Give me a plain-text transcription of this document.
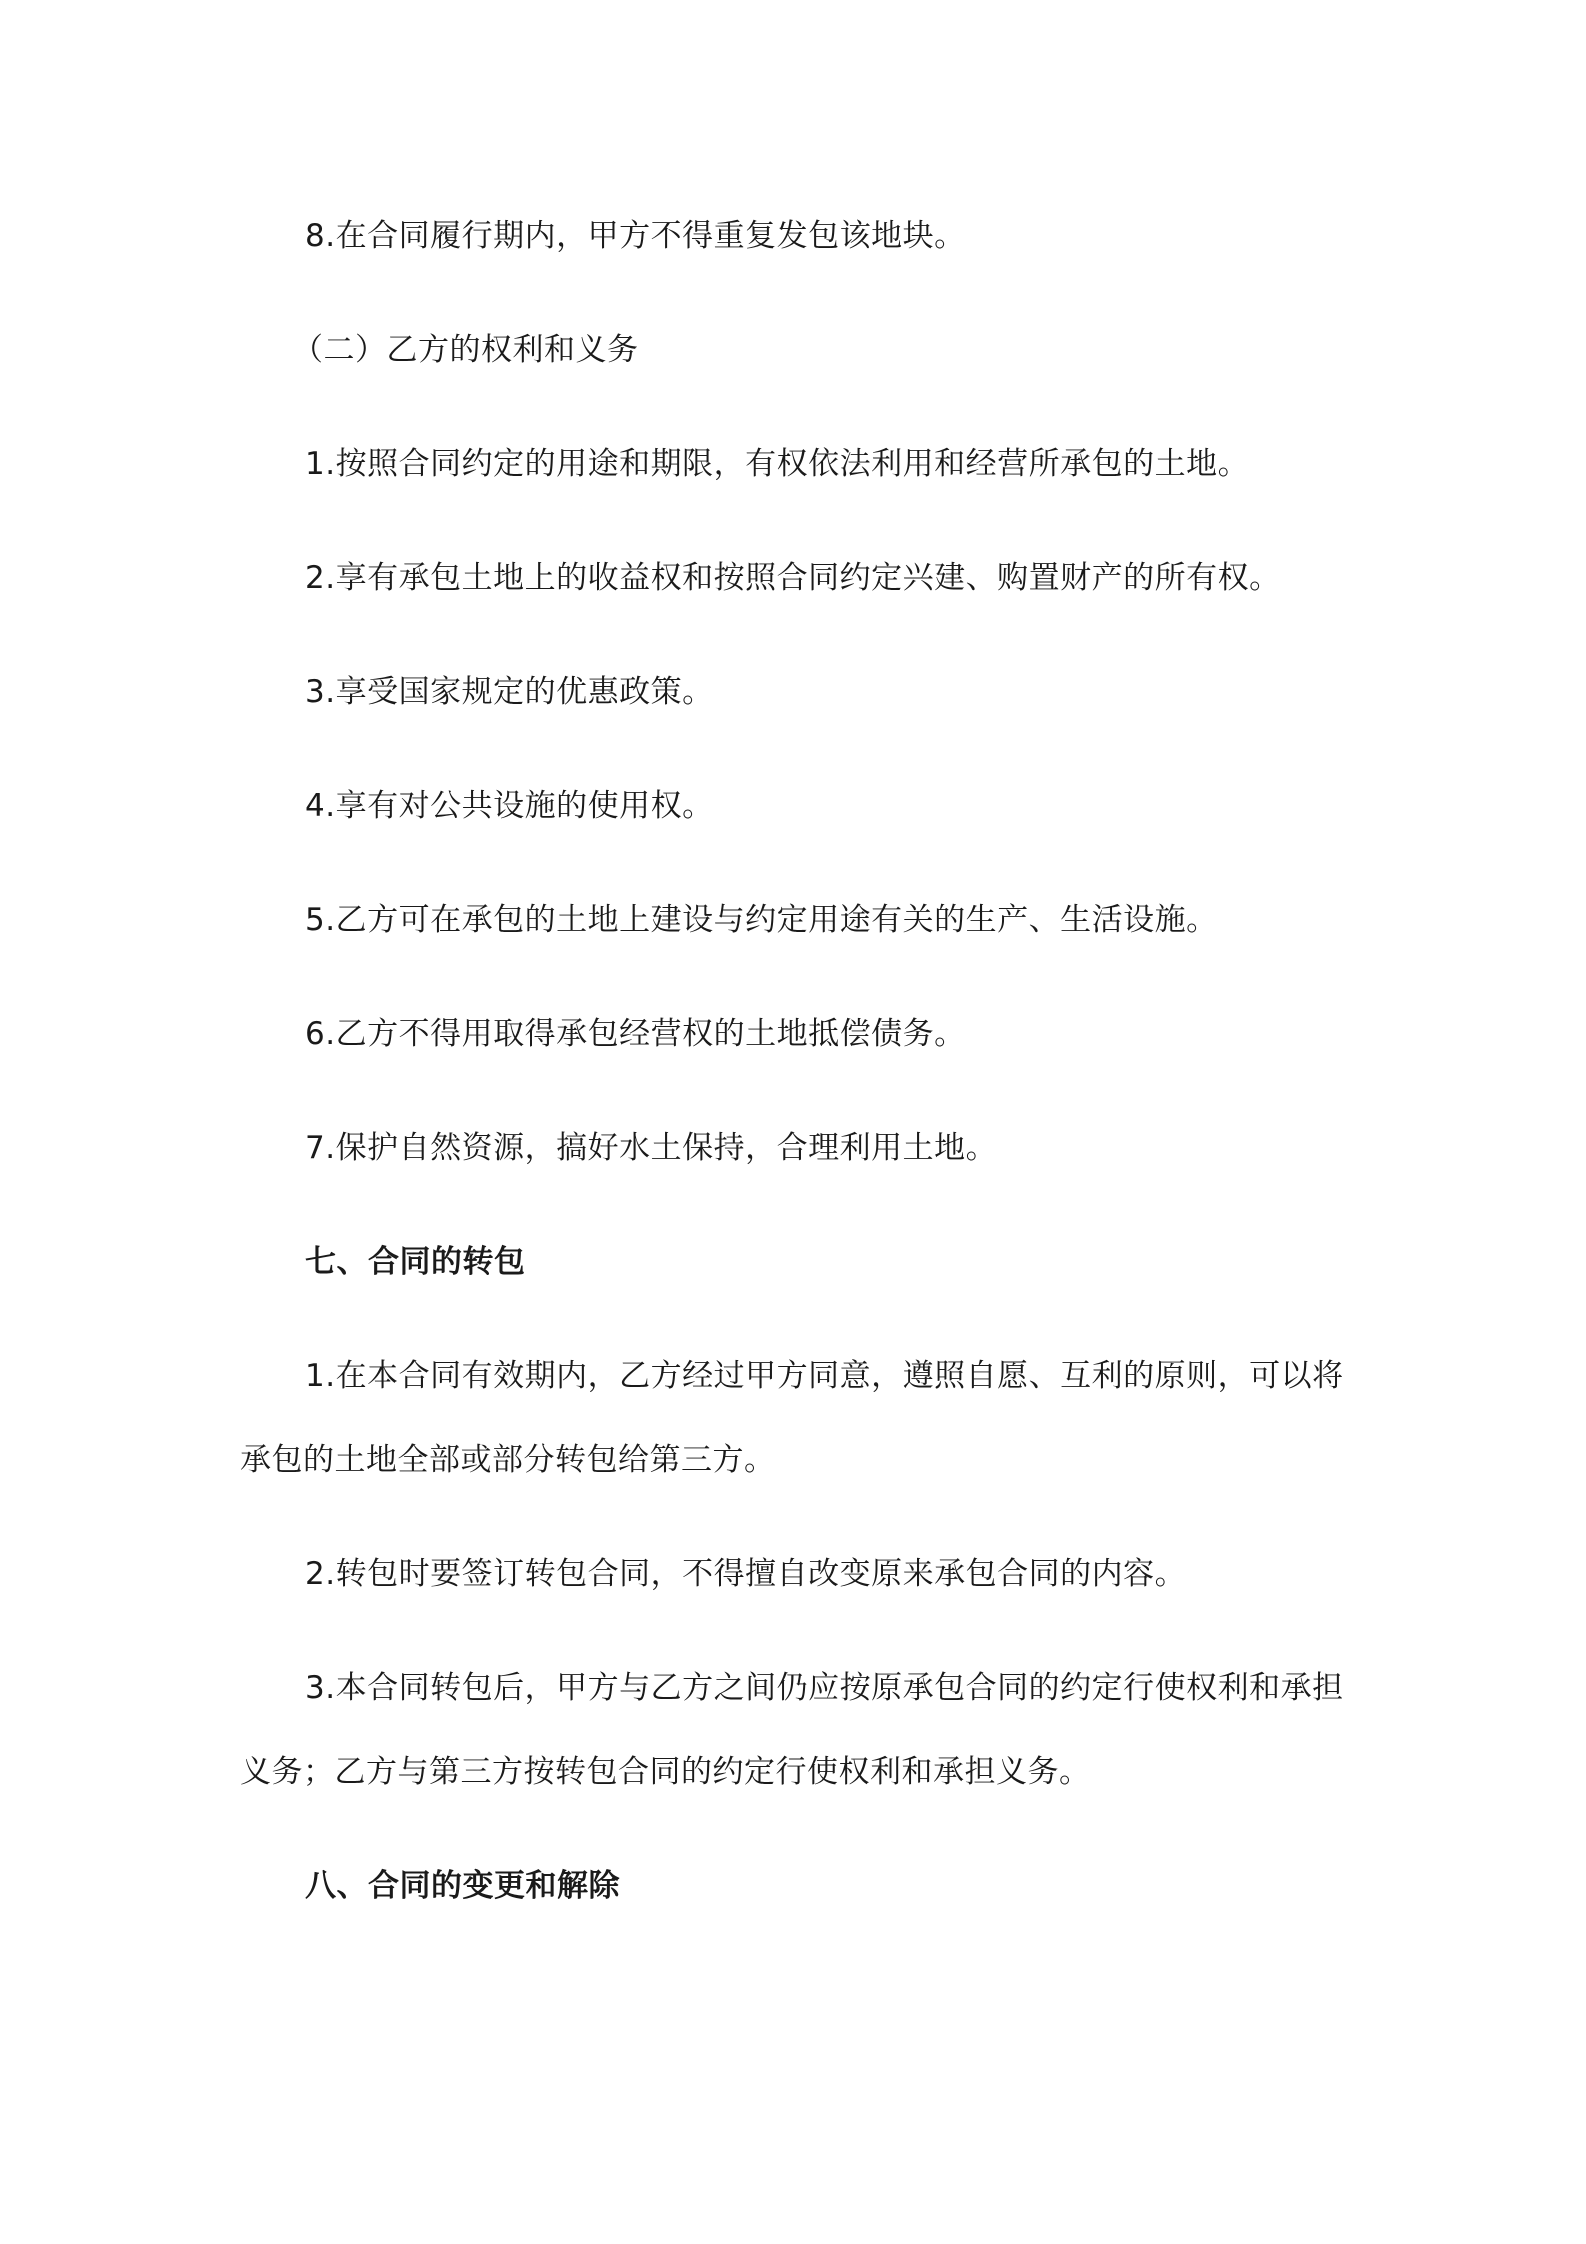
8.在合同履行期内，甲方不得重复发包该地块。
（二）乙方的权利和义务
1.按照合同约定的用途和期限，有权依法利用和经营所承包的土地。
2.享有承包土地上的收益权和按照合同约定兴建、购置财产的所有权。
3.享受国家规定的优惠政策。
4.享有对公共设施的使用权。
5.乙方可在承包的土地上建设与约定用途有关的生产、生活设施。
6.乙方不得用取得承包经营权的土地抵偿债务。
7.保护自然资源，搞好水土保持，合理利用土地。
七、合同的转包
1.在本合同有效期内，乙方经过甲方同意，遵照自愿、互利的原则，可以将
承包的土地全部或部分转包给第三方。
2.转包时要签订转包合同，不得擅自改变原来承包合同的内容。
3.本合同转包后，甲方与乙方之间仍应按原承包合同的约定行使权利和承担
义务；乙方与第三方按转包合同的约定行使权利和承担义务。
八、合同的变更和解除
